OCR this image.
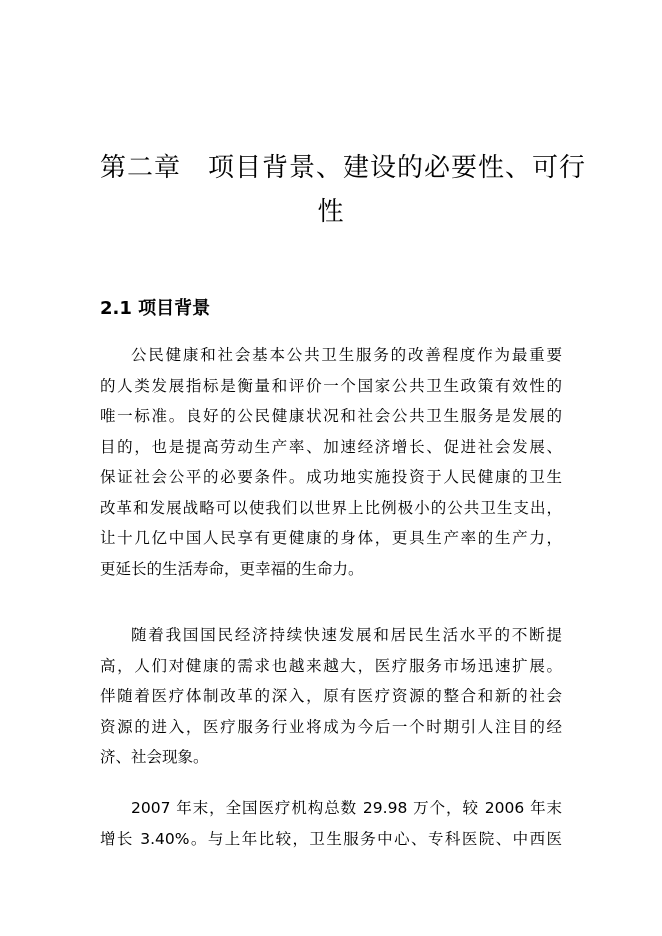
第二章　项目背景、建设的必要性、可行
性
2.1 项目背景
公民健康和社会基本公共卫生服务的改善程度作为最重要
的人类发展指标是衡量和评价一个国家公共卫生政策有效性的
唯一标准。良好的公民健康状况和社会公共卫生服务是发展的
目的，也是提高劳动生产率、加速经济增长、促进社会发展、
保证社会公平的必要条件。成功地实施投资于人民健康的卫生
改革和发展战略可以使我们以世界上比例极小的公共卫生支出，
让十几亿中国人民享有更健康的身体，更具生产率的生产力，
更延长的生活寿命，更幸福的生命力。
随着我国国民经济持续快速发展和居民生活水平的不断提
高，人们对健康的需求也越来越大，医疗服务市场迅速扩展。
伴随着医疗体制改革的深入，原有医疗资源的整合和新的社会
资源的进入，医疗服务行业将成为今后一个时期引人注目的经
济、社会现象。
2007 年末，全国医疗机构总数 29.98 万个，较 2006 年末
增长 3.40%。与上年比较，卫生服务中心、专科医院、中西医
